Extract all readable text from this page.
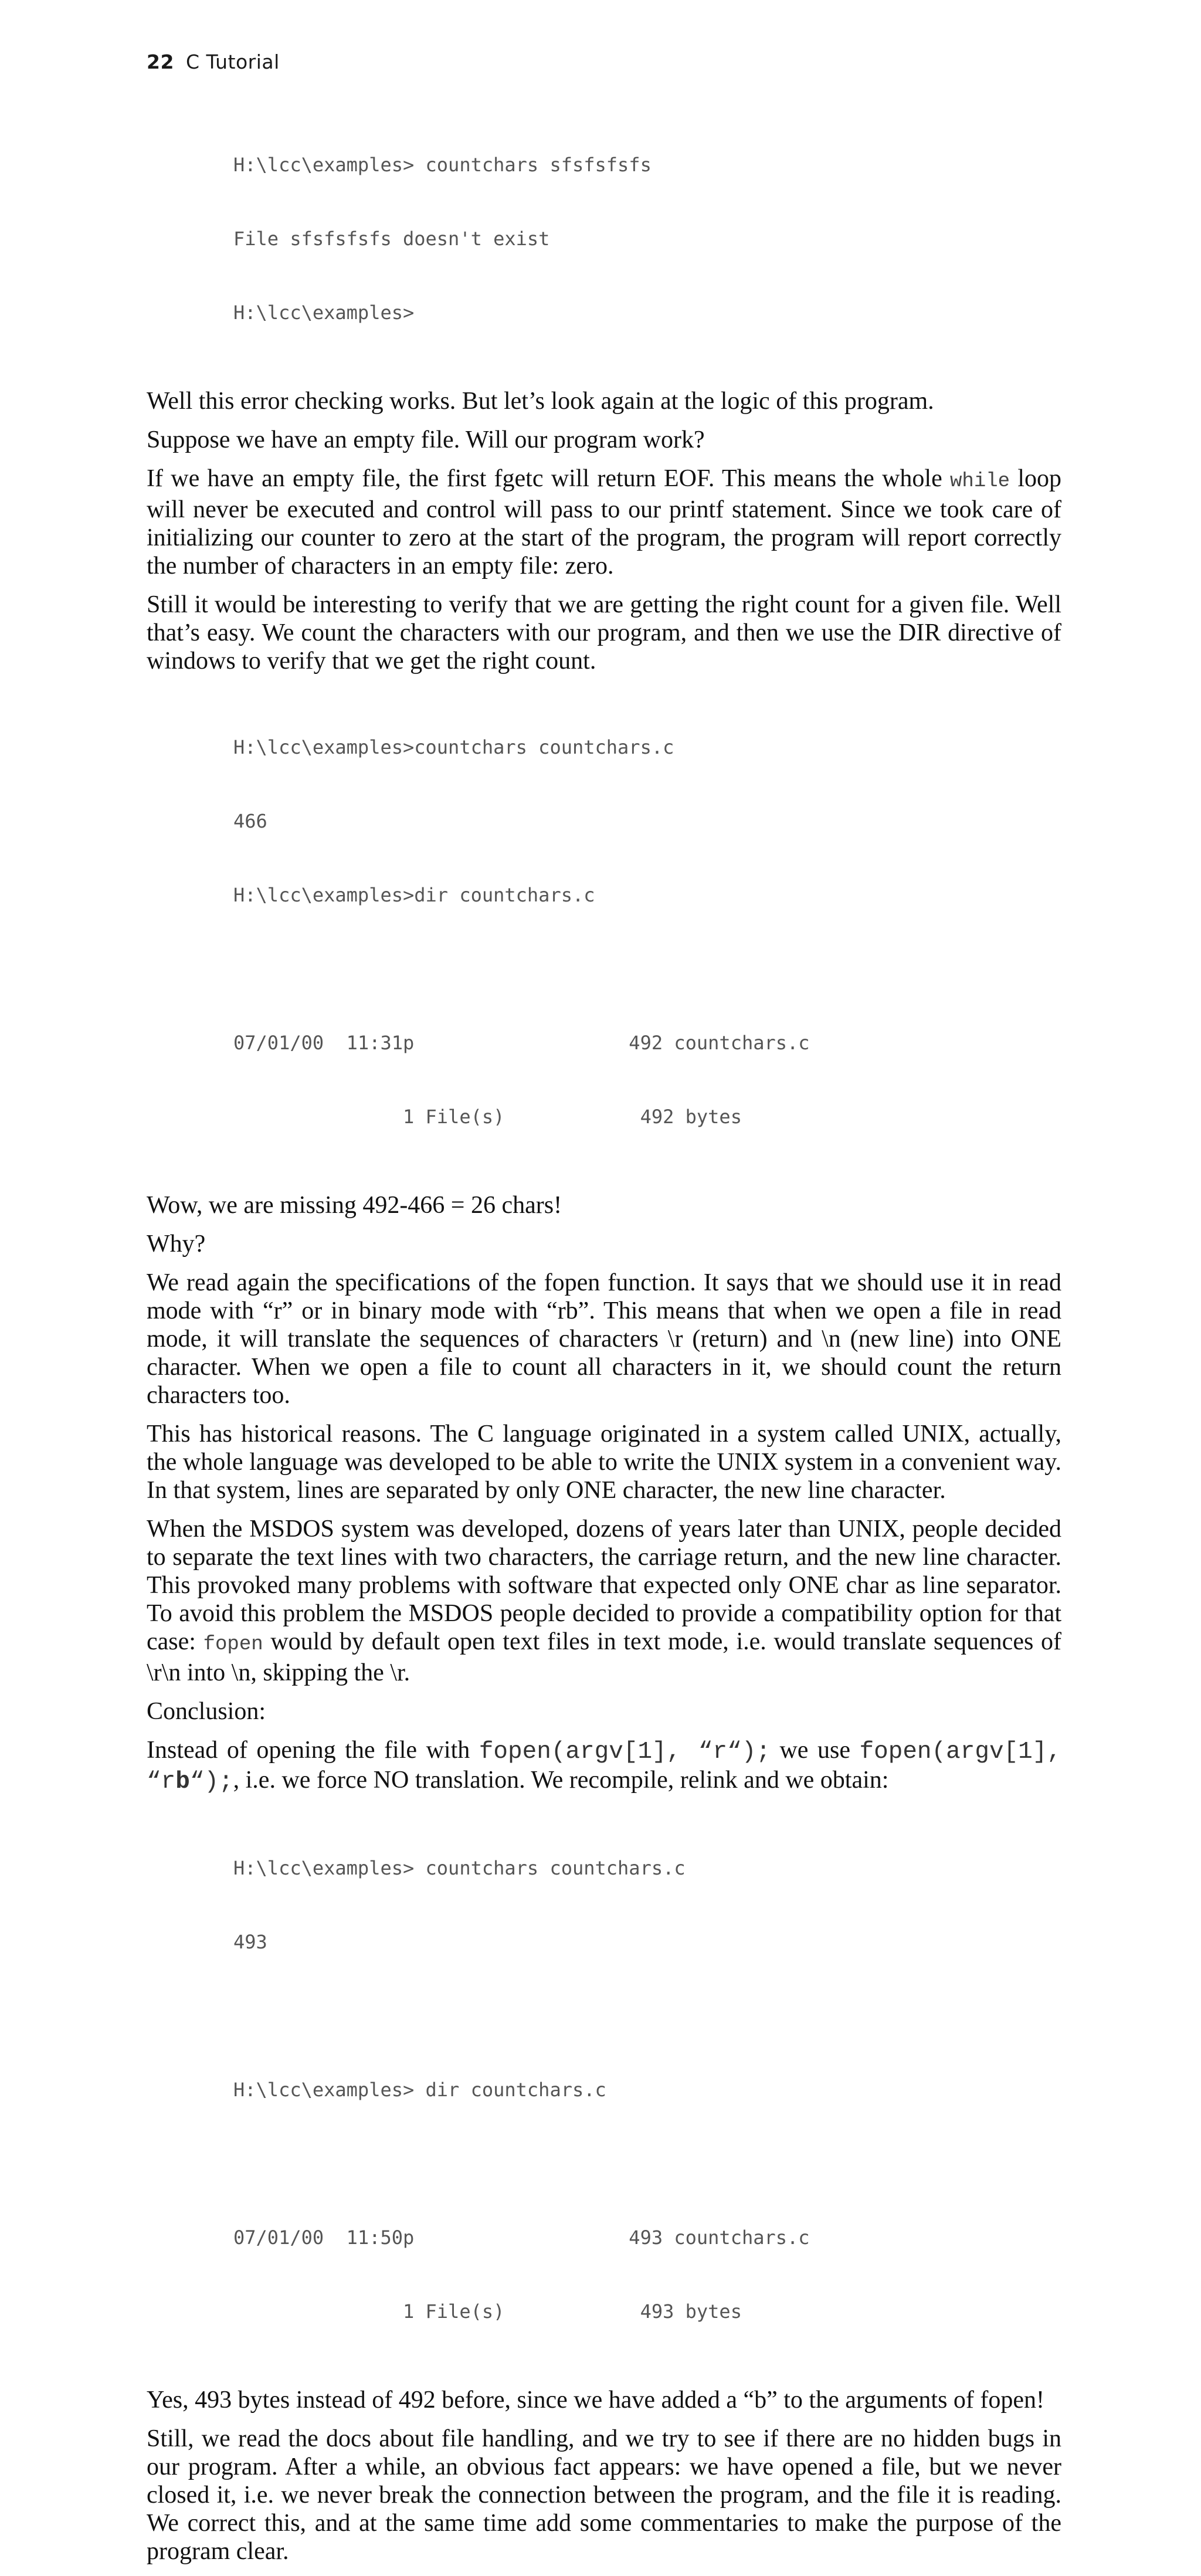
22 C Tutorial

H:\lcc\examples> countchars sfsfsfsfs

File sfsfsfsfs doesn't exist

H:\lcc\examples>

Well this error checking works. But let’s look again at the logic of this program.

Suppose we have an empty file. Will our program work?

If we have an empty file, the first fgetc will return EOF. This means the whole while loop will never be executed and control will pass to our printf statement. Since we took care of initializing our counter to zero at the start of the program, the program will report correctly the number of characters in an empty file: zero.

Still it would be interesting to verify that we are getting the right count for a given file. Well that’s easy. We count the characters with our program, and then we use the DIR directive of windows to verify that we get the right count.

H:\lcc\examples>countchars countchars.c

466

H:\lcc\examples>dir countchars.c

07/01/00  11:31p                   492 countchars.c

1 File(s)            492 bytes

Wow, we are missing 492-466 = 26 chars!

Why?

We read again the specifications of the fopen function. It says that we should use it in read mode with “r” or in binary mode with “rb”. This means that when we open a file in read mode, it will translate the sequences of characters \r (return) and \n (new line) into ONE character. When we open a file to count all characters in it, we should count the return characters too.

This has historical reasons. The C language originated in a system called UNIX, actually, the whole language was developed to be able to write the UNIX system in a convenient way. In that system, lines are separated by only ONE character, the new line character.

When the MSDOS system was developed, dozens of years later than UNIX, people decided to separate the text lines with two characters, the carriage return, and the new line character. This provoked many problems with software that expected only ONE char as line separator. To avoid this problem the MSDOS people decided to provide a compatibility option for that case: fopen would by default open text files in text mode, i.e. would translate sequences of \r\n into \n, skipping the \r.

Conclusion:

Instead of opening the file with fopen(argv[1], “r“); we use fopen(argv[1], “rb“);, i.e. we force NO translation. We recompile, relink and we obtain:

H:\lcc\examples> countchars countchars.c

493

H:\lcc\examples> dir countchars.c

07/01/00  11:50p                   493 countchars.c

1 File(s)            493 bytes

Yes, 493 bytes instead of 492 before, since we have added a “b” to the arguments of fopen!

Still, we read the docs about file handling, and we try to see if there are no hidden bugs in our program. After a while, an obvious fact appears: we have opened a file, but we never closed it, i.e. we never break the connection between the program, and the file it is reading. We correct this, and at the same time add some commentaries to make the purpose of the program clear.
